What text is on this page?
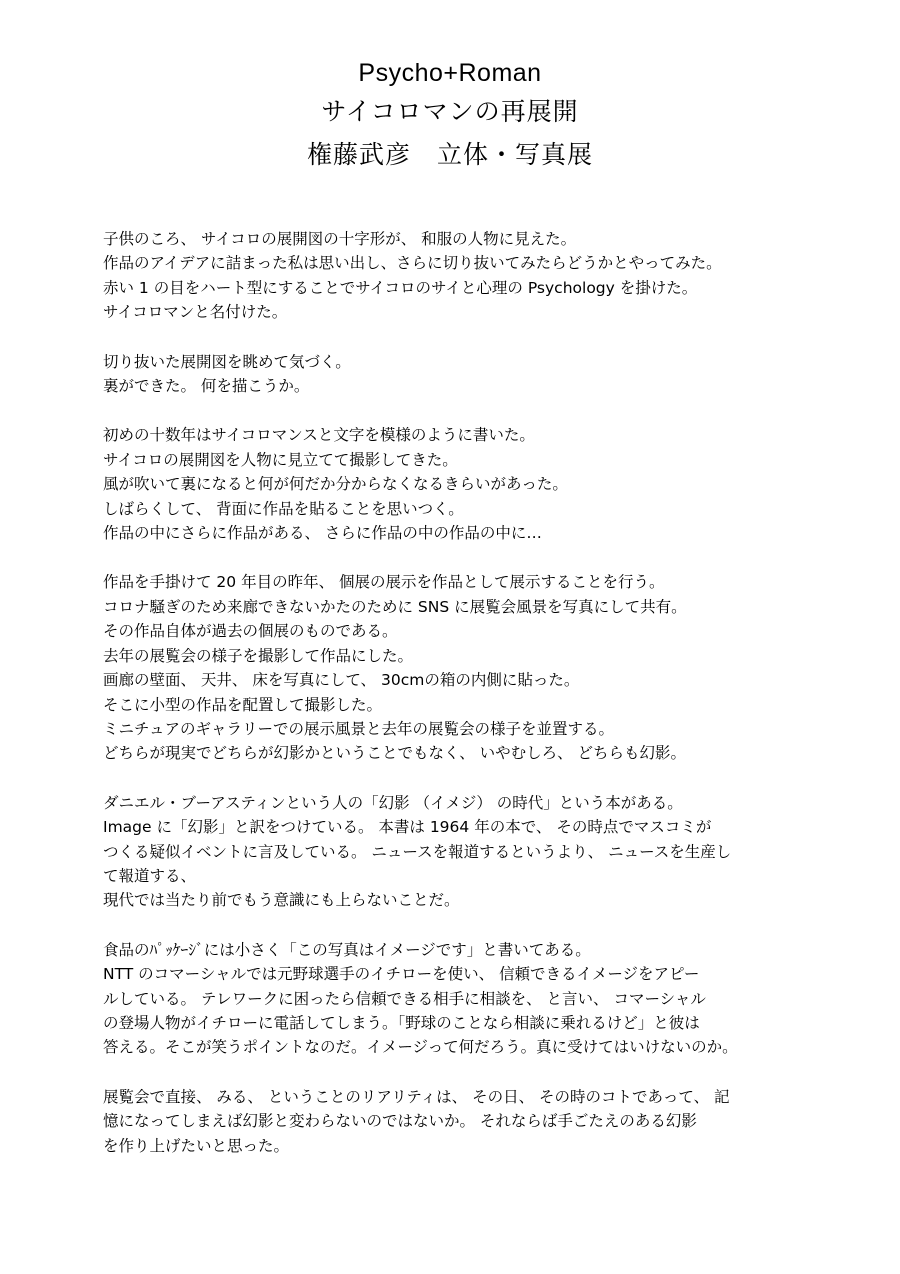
Psycho+Roman

サイコロマンの再展開

権藤武彦　立体・写真展

子供のころ、 サイコロの展開図の十字形が、 和服の人物に見えた。

作品のアイデアに詰まった私は思い出し、さらに切り抜いてみたらどうかとやってみた。

赤い 1 の目をハート型にすることでサイコロのサイと心理の Psychology を掛けた。

サイコロマンと名付けた。

切り抜いた展開図を眺めて気づく。

裏ができた。 何を描こうか。

初めの十数年はサイコロマンスと文字を模様のように書いた。

サイコロの展開図を人物に見立てて撮影してきた。

風が吹いて裏になると何が何だか分からなくなるきらいがあった。

しばらくして、 背面に作品を貼ることを思いつく。

作品の中にさらに作品がある、 さらに作品の中の作品の中に…

作品を手掛けて 20 年目の昨年、 個展の展示を作品として展示することを行う。

コロナ騒ぎのため来廊できないかたのために SNS に展覧会風景を写真にして共有。

その作品自体が過去の個展のものである。

去年の展覧会の様子を撮影して作品にした。

画廊の壁面、 天井、 床を写真にして、 30cmの箱の内側に貼った。

そこに小型の作品を配置して撮影した。

ミニチュアのギャラリーでの展示風景と去年の展覧会の様子を並置する。

どちらが現実でどちらが幻影かということでもなく、 いやむしろ、 どちらも幻影。

ダニエル・ブーアスティンという人の「幻影 （イメジ） の時代」という本がある。

Image に「幻影」と訳をつけている。 本書は 1964 年の本で、 その時点でマスコミが

つくる疑似イベントに言及している。 ニュースを報道するというより、 ニュースを生産し

て報道する、

現代では当たり前でもう意識にも上らないことだ。

食品のﾊﾟｯｹｰｼﾞには小さく「この写真はイメージです」と書いてある。

NTT のコマーシャルでは元野球選手のイチローを使い、 信頼できるイメージをアピー

ルしている。 テレワークに困ったら信頼できる相手に相談を、 と言い、 コマーシャル

の登場人物がイチローに電話してしまう。「野球のことなら相談に乗れるけど」と彼は

答える。そこが笑うポイントなのだ。イメージって何だろう。真に受けてはいけないのか。

展覧会で直接、 みる、 ということのリアリティは、 その日、 その時のコトであって、 記

憶になってしまえば幻影と変わらないのではないか。 それならば手ごたえのある幻影

を作り上げたいと思った。
